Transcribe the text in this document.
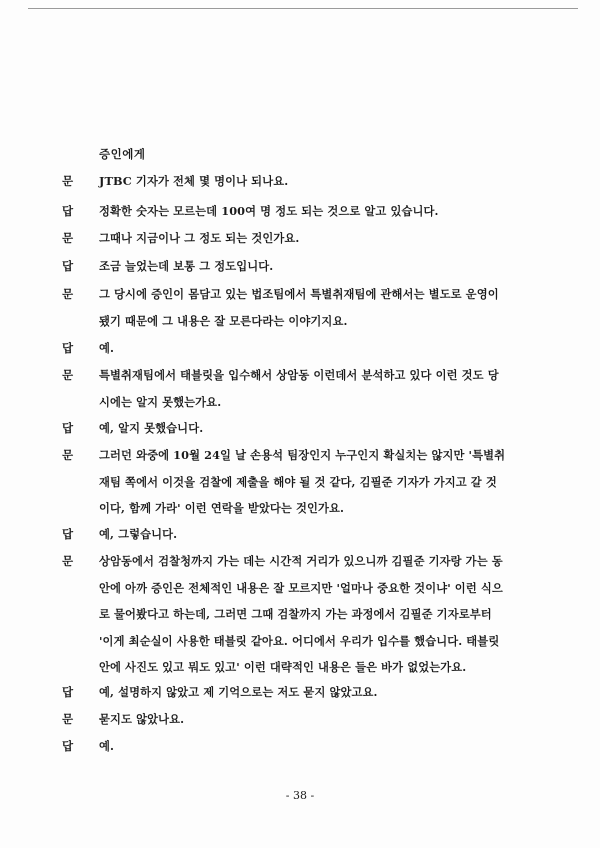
증인에게
문 JTBC 기자가 전체 몇 명이나 되나요.
답 정확한 숫자는 모르는데 100여 명 정도 되는 것으로 알고 있습니다.
문 그때나 지금이나 그 정도 되는 것인가요.
답 조금 늘었는데 보통 그 정도입니다.
문 그 당시에 증인이 몸담고 있는 법조팀에서 특별취재팀에 관해서는 별도로 운영이
됐기 때문에 그 내용은 잘 모른다라는 이야기지요.
답 예.
문 특별취재팀에서 태블릿을 입수해서 상암동 이런데서 분석하고 있다 이런 것도 당
시에는 알지 못했는가요.
답 예, 알지 못했습니다.
문 그러던 와중에 10월 24일 날 손용석 팀장인지 누구인지 확실치는 않지만 '특별취
재팀 쪽에서 이것을 검찰에 제출을 해야 될 것 같다, 김필준 기자가 가지고 갈 것
이다, 함께 가라' 이런 연락을 받았다는 것인가요.
답 예, 그렇습니다.
문 상암동에서 검찰청까지 가는 데는 시간적 거리가 있으니까 김필준 기자랑 가는 동
안에 아까 증인은 전체적인 내용은 잘 모르지만 '얼마나 중요한 것이냐' 이런 식으
로 물어봤다고 하는데, 그러면 그때 검찰까지 가는 과정에서 김필준 기자로부터
'이게 최순실이 사용한 태블릿 같아요. 어디에서 우리가 입수를 했습니다. 태블릿
안에 사진도 있고 뭐도 있고' 이런 대략적인 내용은 들은 바가 없었는가요.
답 예, 설명하지 않았고 제 기억으로는 저도 묻지 않았고요.
문 묻지도 않았나요.
답 예.
- 38 -
